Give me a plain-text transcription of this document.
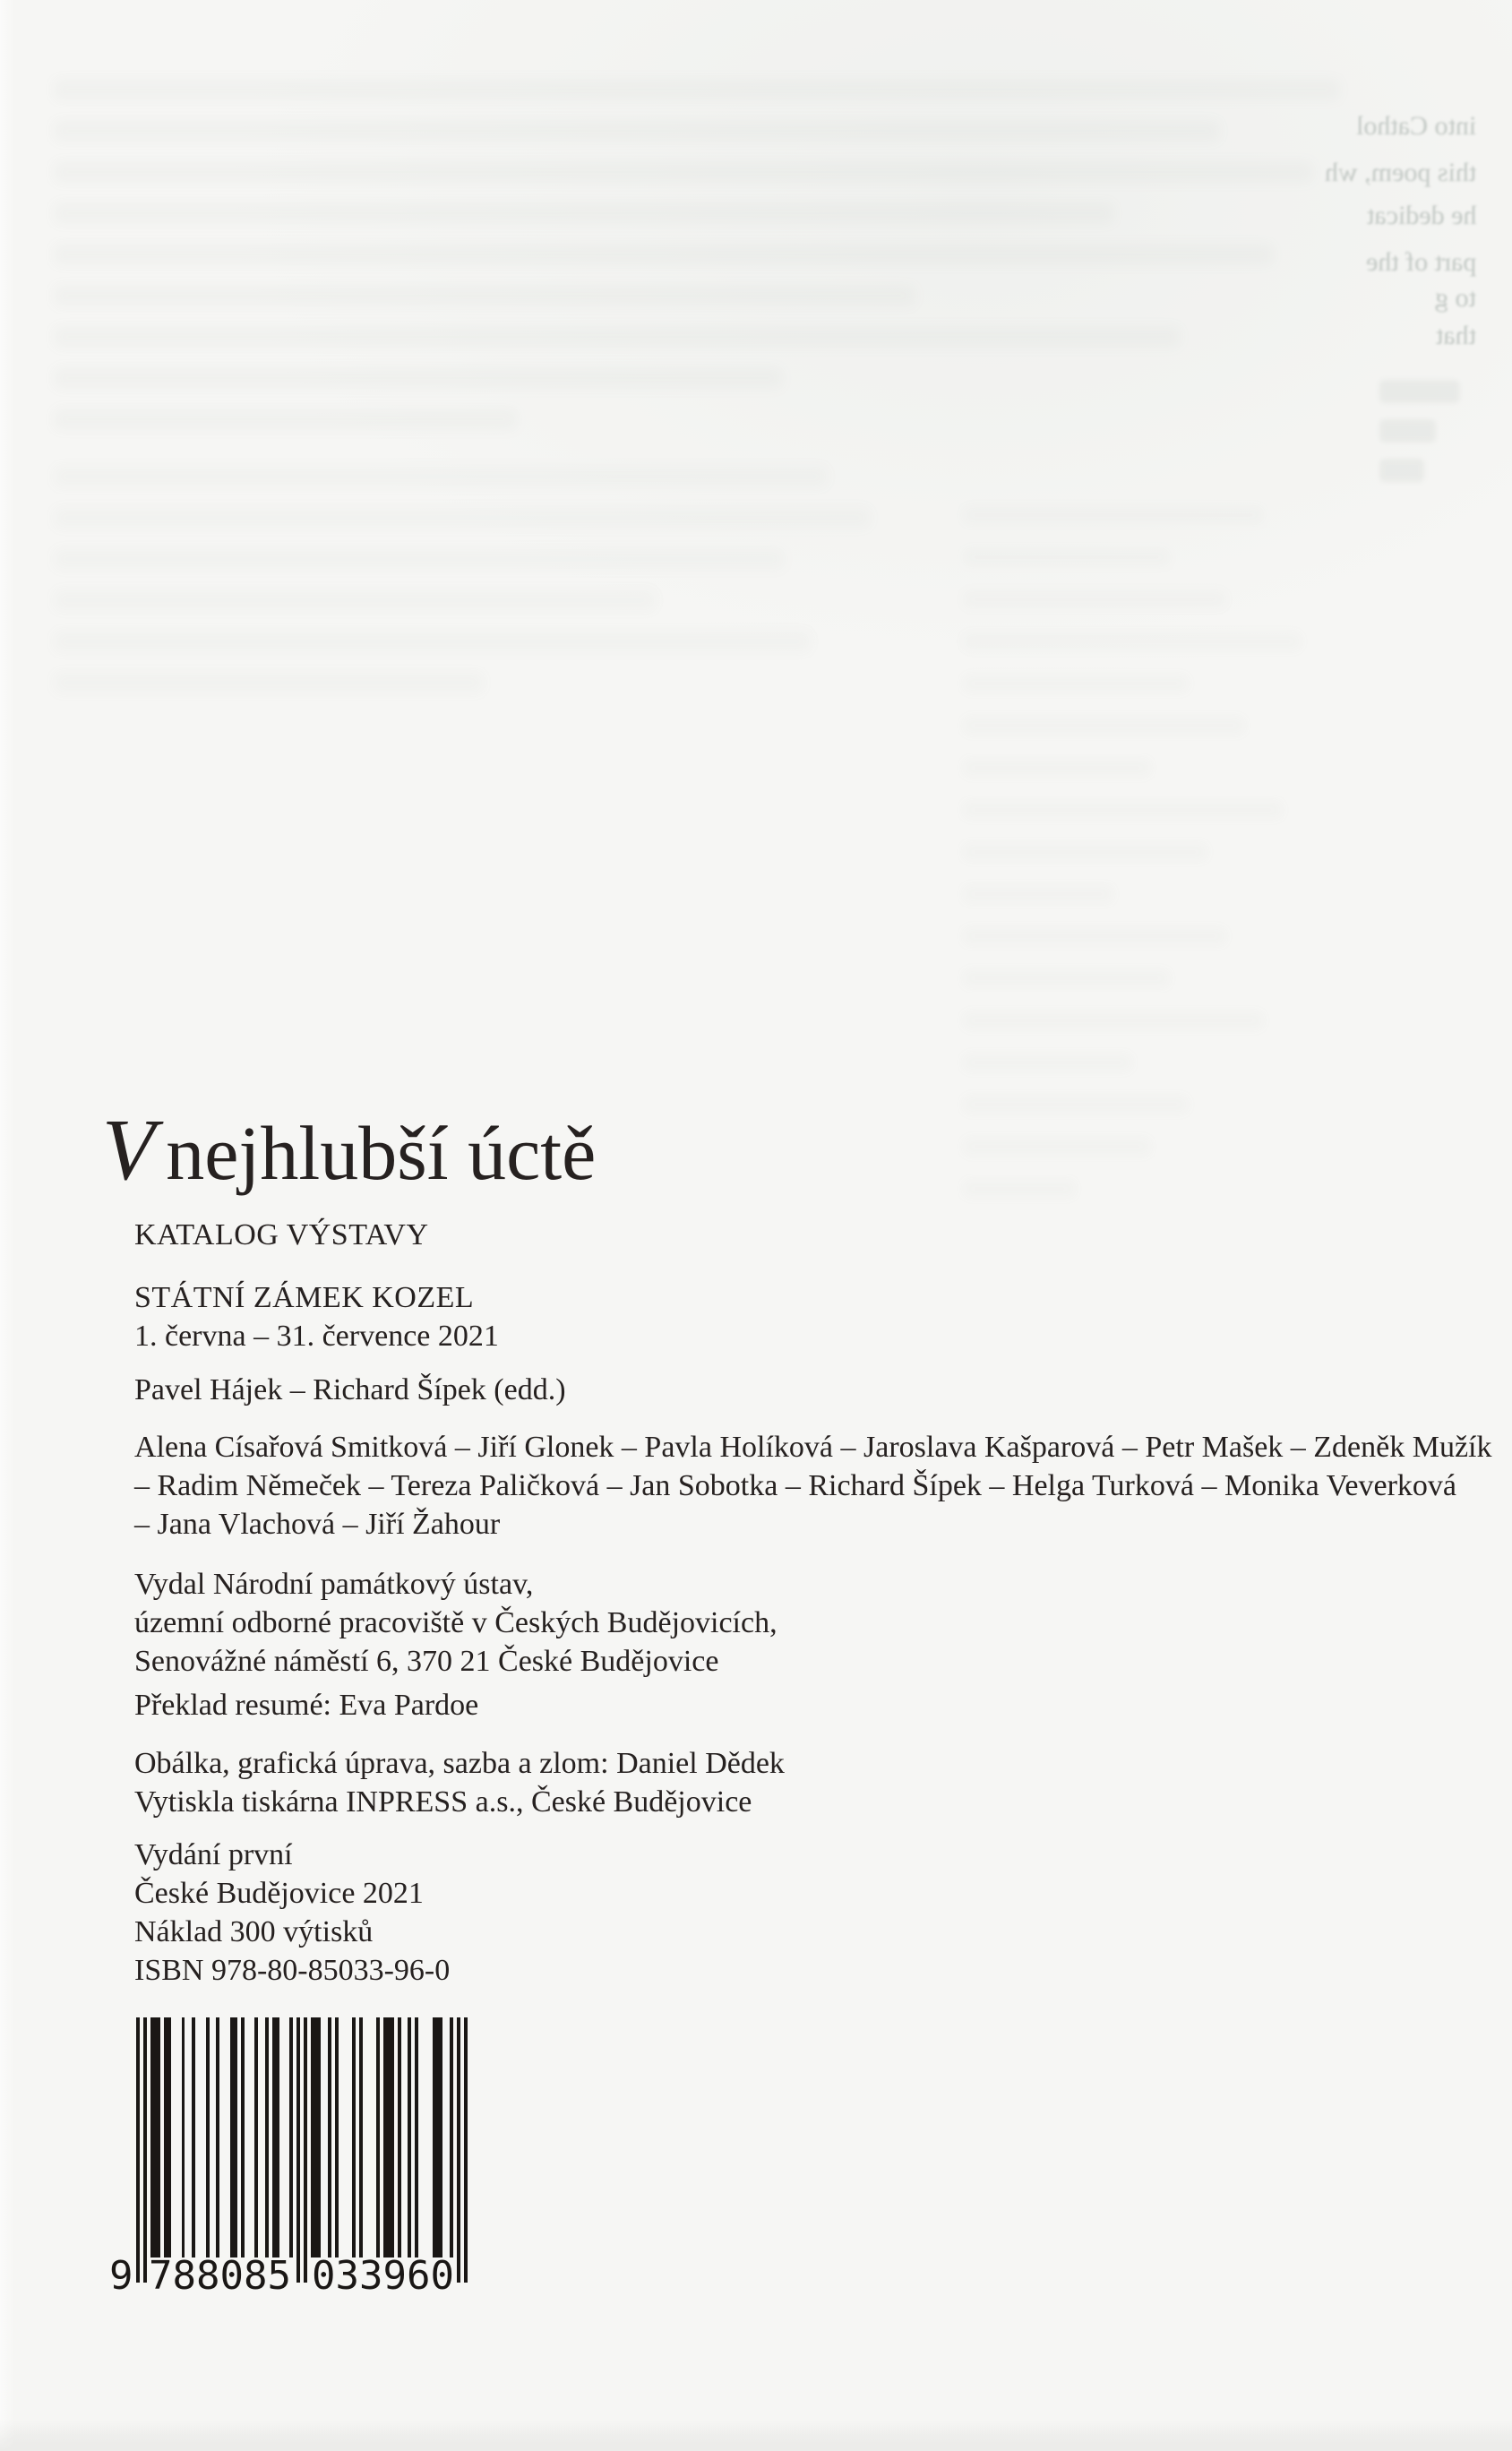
into Cathol
this poem, wh
he dedicat
part of the
to g
that
V nejhlubší úctě

KATALOG VÝSTAVY

STÁTNÍ ZÁMEK KOZEL

1. června – 31. července 2021

Pavel Hájek – Richard Šípek (edd.)

Alena Císařová Smitková – Jiří Glonek – Pavla Holíková – Jaroslava Kašparová – Petr Mašek – Zdeněk Mužík

– Radim Němeček – Tereza Paličková – Jan Sobotka – Richard Šípek – Helga Turková – Monika Veverková

– Jana Vlachová – Jiří Žahour

Vydal Národní památkový ústav,

územní odborné pracoviště v Českých Budějovicích,

Senovážné náměstí 6, 370 21 České Budějovice

Překlad resumé: Eva Pardoe

Obálka, grafická úprava, sazba a zlom: Daniel Dědek

Vytiskla tiskárna INPRESS a.s., České Budějovice

Vydání první

České Budějovice 2021

Náklad 300 výtisků

ISBN 978-80-85033-96-0

9 788085 033960
